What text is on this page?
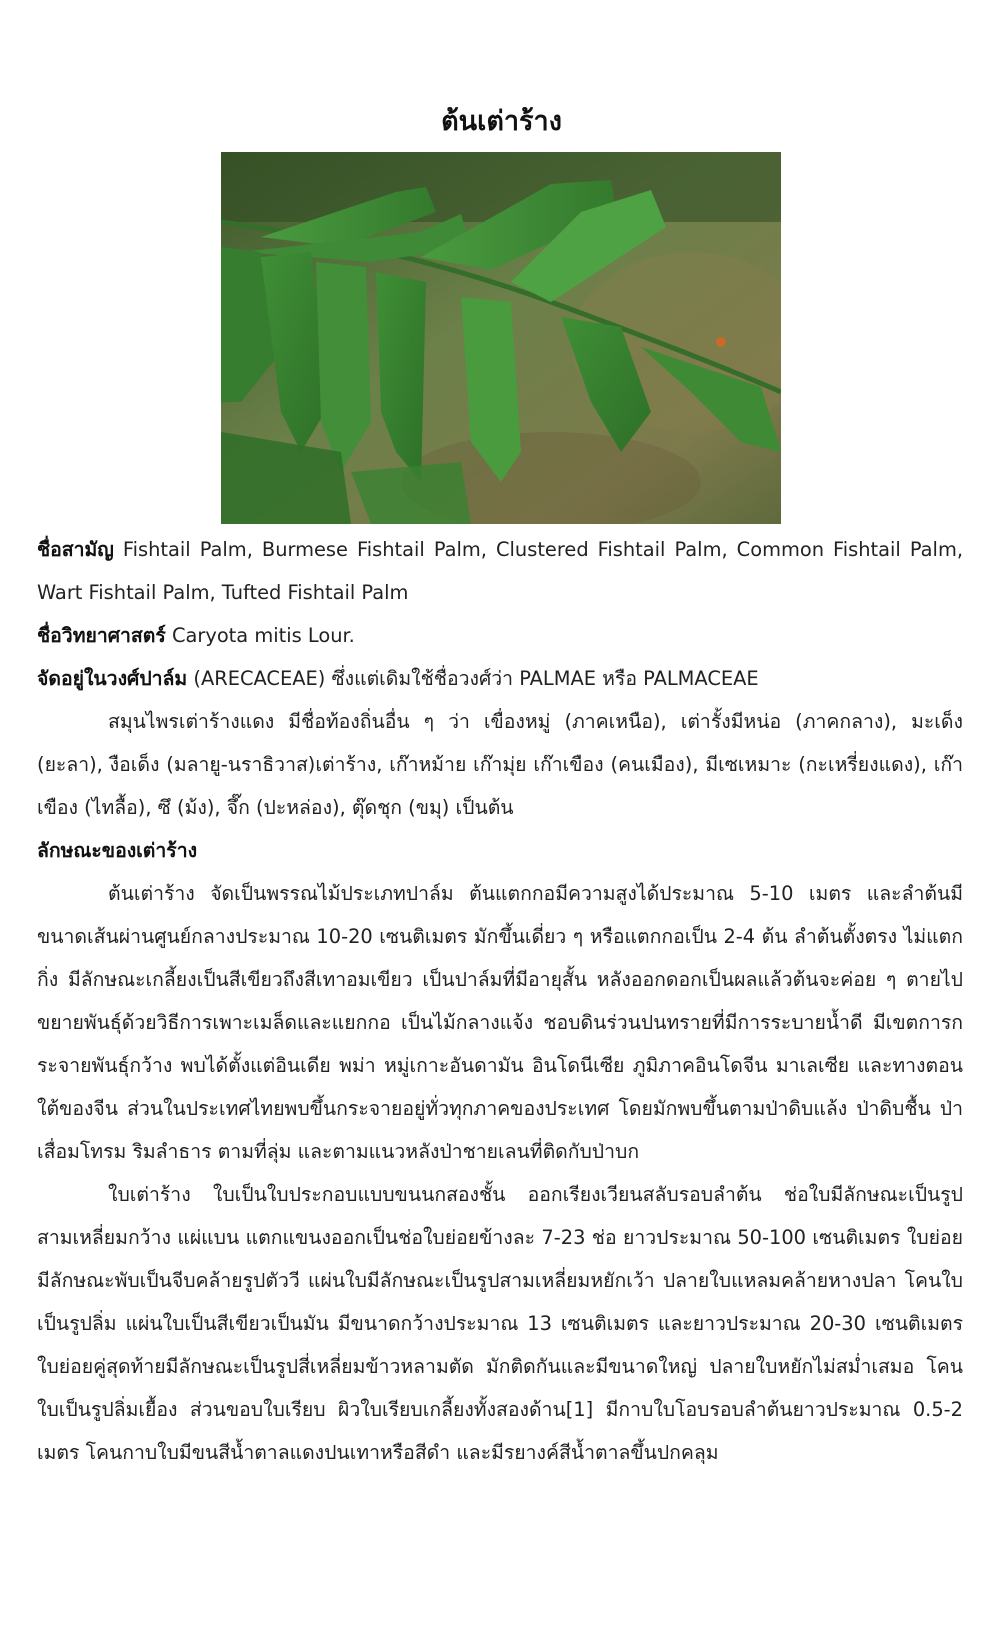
ต้นเต่าร้าง

ชื่อสามัญ Fishtail Palm, Burmese Fishtail Palm, Clustered Fishtail Palm, Common Fishtail Palm, Wart Fishtail Palm, Tufted Fishtail Palm

ชื่อวิทยาศาสตร์ Caryota mitis Lour.

จัดอยู่ในวงศ์ปาล์ม (ARECACEAE) ซึ่งแต่เดิมใช้ชื่อวงศ์ว่า PALMAE หรือ PALMACEAE

สมุนไพรเต่าร้างแดง มีชื่อท้องถิ่นอื่น ๆ ว่า เขื่องหมู่ (ภาคเหนือ), เต่ารั้งมีหน่อ (ภาคกลาง), มะเด็ง (ยะลา), งือเด็ง (มลายู-นราธิวาส)เต่าร้าง, เก๊าหม้าย เก๊ามุ่ย เก๊าเขือง (คนเมือง), มีเซเหมาะ (กะเหรี่ยงแดง), เก๊าเขือง (ไทลื้อ), ซึ (ม้ง), จึ๊ก (ปะหล่อง), ตุ๊ดชุก (ขมุ) เป็นต้น

ลักษณะของเต่าร้าง

ต้นเต่าร้าง จัดเป็นพรรณไม้ประเภทปาล์ม ต้นแตกกอมีความสูงได้ประมาณ 5-10 เมตร และลำต้นมีขนาดเส้นผ่านศูนย์กลางประมาณ 10-20 เซนติเมตร มักขึ้นเดี่ยว ๆ หรือแตกกอเป็น 2-4 ต้น ลำต้นตั้งตรง ไม่แตกกิ่ง มีลักษณะเกลี้ยงเป็นสีเขียวถึงสีเทาอมเขียว เป็นปาล์มที่มีอายุสั้น หลังออกดอกเป็นผลแล้วต้นจะค่อย ๆ ตายไป ขยายพันธุ์ด้วยวิธีการเพาะเมล็ดและแยกกอ เป็นไม้กลางแจ้ง ชอบดินร่วนปนทรายที่มีการระบายน้ำดี มีเขตการกระจายพันธุ์กว้าง พบได้ตั้งแต่อินเดีย พม่า หมู่เกาะอันดามัน อินโดนีเซีย ภูมิภาคอินโดจีน มาเลเซีย และทางตอนใต้ของจีน ส่วนในประเทศไทยพบขึ้นกระจายอยู่ทั่วทุกภาคของประเทศ โดยมักพบขึ้นตามป่าดิบแล้ง ป่าดิบชื้น ป่าเสื่อมโทรม ริมลำธาร ตามที่ลุ่ม และตามแนวหลังป่าชายเลนที่ติดกับป่าบก

ใบเต่าร้าง ใบเป็นใบประกอบแบบขนนกสองชั้น ออกเรียงเวียนสลับรอบลำต้น ช่อใบมีลักษณะเป็นรูปสามเหลี่ยมกว้าง แผ่แบน แตกแขนงออกเป็นช่อใบย่อยข้างละ 7-23 ช่อ ยาวประมาณ 50-100 เซนติเมตร ใบย่อยมีลักษณะพับเป็นจีบคล้ายรูปตัววี แผ่นใบมีลักษณะเป็นรูปสามเหลี่ยมหยักเว้า ปลายใบแหลมคล้ายหางปลา โคนใบเป็นรูปลิ่ม แผ่นใบเป็นสีเขียวเป็นมัน มีขนาดกว้างประมาณ 13 เซนติเมตร และยาวประมาณ 20-30 เซนติเมตร ใบย่อยคู่สุดท้ายมีลักษณะเป็นรูปสี่เหลี่ยมข้าวหลามตัด มักติดกันและมีขนาดใหญ่ ปลายใบหยักไม่สม่ำเสมอ โคนใบเป็นรูปลิ่มเยื้อง ส่วนขอบใบเรียบ ผิวใบเรียบเกลี้ยงทั้งสองด้าน[1] มีกาบใบโอบรอบลำต้นยาวประมาณ 0.5-2 เมตร โคนกาบใบมีขนสีน้ำตาลแดงปนเทาหรือสีดำ และมีรยางค์สีน้ำตาลขึ้นปกคลุม
